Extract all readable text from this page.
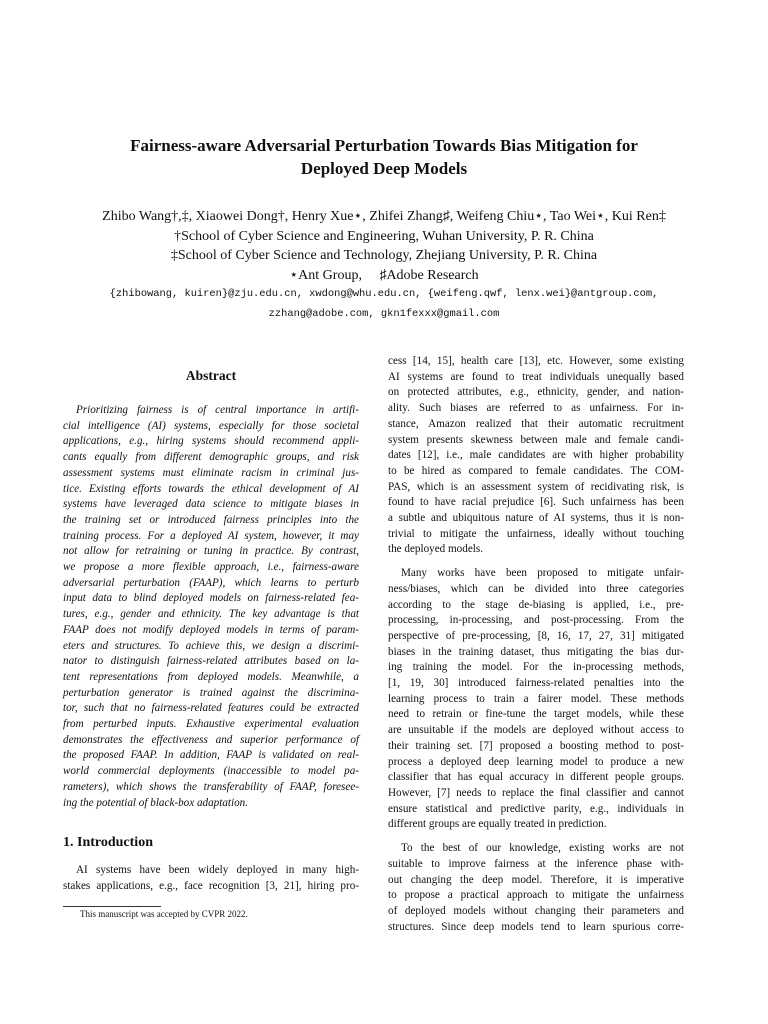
Fairness-aware Adversarial Perturbation Towards Bias Mitigation for
Deployed Deep Models
Zhibo Wang†,‡, Xiaowei Dong†, Henry Xue⋆, Zhifei Zhang♯, Weifeng Chiu⋆, Tao Wei⋆, Kui Ren‡
†School of Cyber Science and Engineering, Wuhan University, P. R. China
‡School of Cyber Science and Technology, Zhejiang University, P. R. China
⋆Ant Group,  ♯Adobe Research
{zhibowang, kuiren}@zju.edu.cn, xwdong@whu.edu.cn, {weifeng.qwf, lenx.wei}@antgroup.com,
zzhang@adobe.com, gkn1fexxx@gmail.com
Abstract
Prioritizing fairness is of central importance in artifi-
cial intelligence (AI) systems, especially for those societal
applications, e.g., hiring systems should recommend appli-
cants equally from different demographic groups, and risk
assessment systems must eliminate racism in criminal jus-
tice. Existing efforts towards the ethical development of AI
systems have leveraged data science to mitigate biases in
the training set or introduced fairness principles into the
training process. For a deployed AI system, however, it may
not allow for retraining or tuning in practice. By contrast,
we propose a more flexible approach, i.e., fairness-aware
adversarial perturbation (FAAP), which learns to perturb
input data to blind deployed models on fairness-related fea-
tures, e.g., gender and ethnicity. The key advantage is that
FAAP does not modify deployed models in terms of param-
eters and structures. To achieve this, we design a discrimi-
nator to distinguish fairness-related attributes based on la-
tent representations from deployed models. Meanwhile, a
perturbation generator is trained against the discrimina-
tor, such that no fairness-related features could be extracted
from perturbed inputs. Exhaustive experimental evaluation
demonstrates the effectiveness and superior performance of
the proposed FAAP. In addition, FAAP is validated on real-
world commercial deployments (inaccessible to model pa-
rameters), which shows the transferability of FAAP, foresee-
ing the potential of black-box adaptation.
1. Introduction
AI systems have been widely deployed in many high-
stakes applications, e.g., face recognition [3, 21], hiring pro-
This manuscript was accepted by CVPR 2022.
cess [14, 15], health care [13], etc. However, some existing
AI systems are found to treat individuals unequally based
on protected attributes, e.g., ethnicity, gender, and nation-
ality. Such biases are referred to as unfairness. For in-
stance, Amazon realized that their automatic recruitment
system presents skewness between male and female candi-
dates [12], i.e., male candidates are with higher probability
to be hired as compared to female candidates. The COM-
PAS, which is an assessment system of recidivating risk, is
found to have racial prejudice [6]. Such unfairness has been
a subtle and ubiquitous nature of AI systems, thus it is non-
trivial to mitigate the unfairness, ideally without touching
the deployed models.
Many works have been proposed to mitigate unfair-
ness/biases, which can be divided into three categories
according to the stage de-biasing is applied, i.e., pre-
processing, in-processing, and post-processing. From the
perspective of pre-processing, [8, 16, 17, 27, 31] mitigated
biases in the training dataset, thus mitigating the bias dur-
ing training the model. For the in-processing methods,
[1, 19, 30] introduced fairness-related penalties into the
learning process to train a fairer model. These methods
need to retrain or fine-tune the target models, while these
are unsuitable if the models are deployed without access to
their training set. [7] proposed a boosting method to post-
process a deployed deep learning model to produce a new
classifier that has equal accuracy in different people groups.
However, [7] needs to replace the final classifier and cannot
ensure statistical and predictive parity, e.g., individuals in
different groups are equally treated in prediction.
To the best of our knowledge, existing works are not
suitable to improve fairness at the inference phase with-
out changing the deep model. Therefore, it is imperative
to propose a practical approach to mitigate the unfairness
of deployed models without changing their parameters and
structures. Since deep models tend to learn spurious corre-
